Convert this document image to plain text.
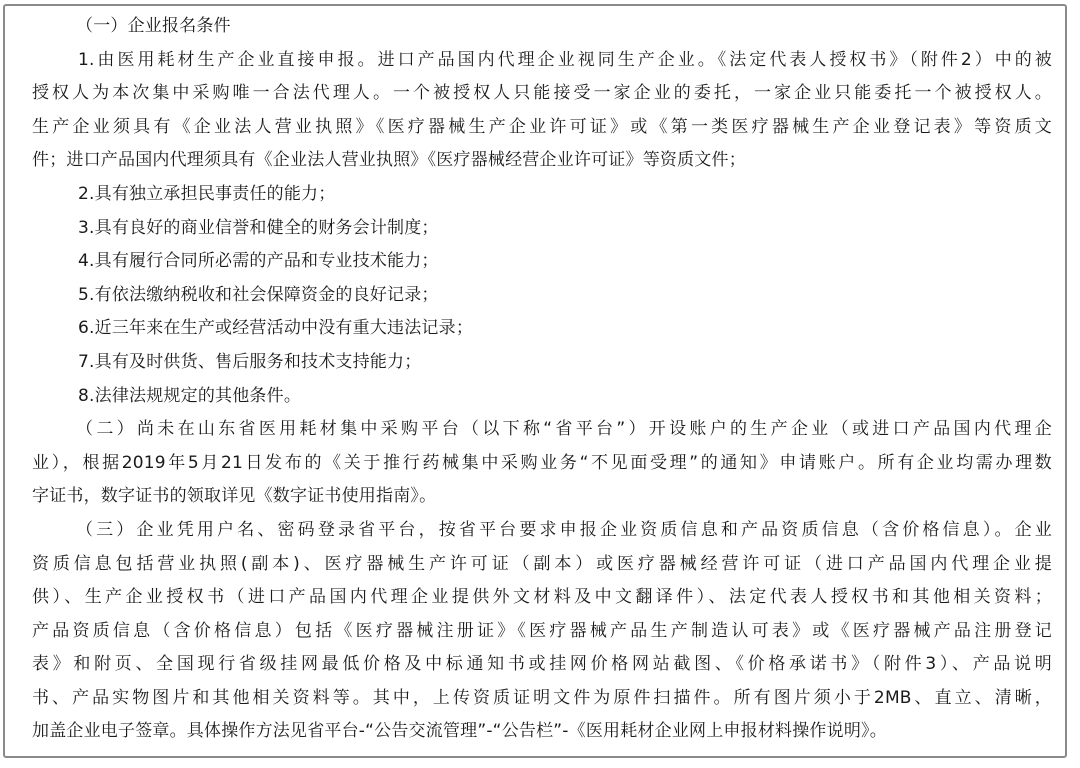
（一）企业报名条件
1.由医用耗材生产企业直接申报。进口产品国内代理企业视同生产企业。《法定代表人授权书》（附件2）中的被
授权人为本次集中采购唯一合法代理人。一个被授权人只能接受一家企业的委托，一家企业只能委托一个被授权人。
生产企业须具有《企业法人营业执照》《医疗器械生产企业许可证》或《第一类医疗器械生产企业登记表》等资质文
件；进口产品国内代理须具有《企业法人营业执照》《医疗器械经营企业许可证》等资质文件；
2.具有独立承担民事责任的能力；
3.具有良好的商业信誉和健全的财务会计制度；
4.具有履行合同所必需的产品和专业技术能力；
5.有依法缴纳税收和社会保障资金的良好记录；
6.近三年来在生产或经营活动中没有重大违法记录；
7.具有及时供货、售后服务和技术支持能力；
8.法律法规规定的其他条件。
（二）尚未在山东省医用耗材集中采购平台（以下称“省平台”）开设账户的生产企业（或进口产品国内代理企
业），根据2019年5月21日发布的《关于推行药械集中采购业务“不见面受理”的通知》申请账户。所有企业均需办理数
字证书，数字证书的领取详见《数字证书使用指南》。
（三）企业凭用户名、密码登录省平台，按省平台要求申报企业资质信息和产品资质信息（含价格信息）。企业
资质信息包括营业执照(副本)、医疗器械生产许可证（副本）或医疗器械经营许可证（进口产品国内代理企业提
供）、生产企业授权书（进口产品国内代理企业提供外文材料及中文翻译件）、法定代表人授权书和其他相关资料；
产品资质信息（含价格信息）包括《医疗器械注册证》《医疗器械产品生产制造认可表》或《医疗器械产品注册登记
表》和附页、全国现行省级挂网最低价格及中标通知书或挂网价格网站截图、《价格承诺书》（附件3）、产品说明
书、产品实物图片和其他相关资料等。其中，上传资质证明文件为原件扫描件。所有图片须小于2MB、直立、清晰，
加盖企业电子签章。具体操作方法见省平台-“公告交流管理”-“公告栏”-《医用耗材企业网上申报材料操作说明》。
